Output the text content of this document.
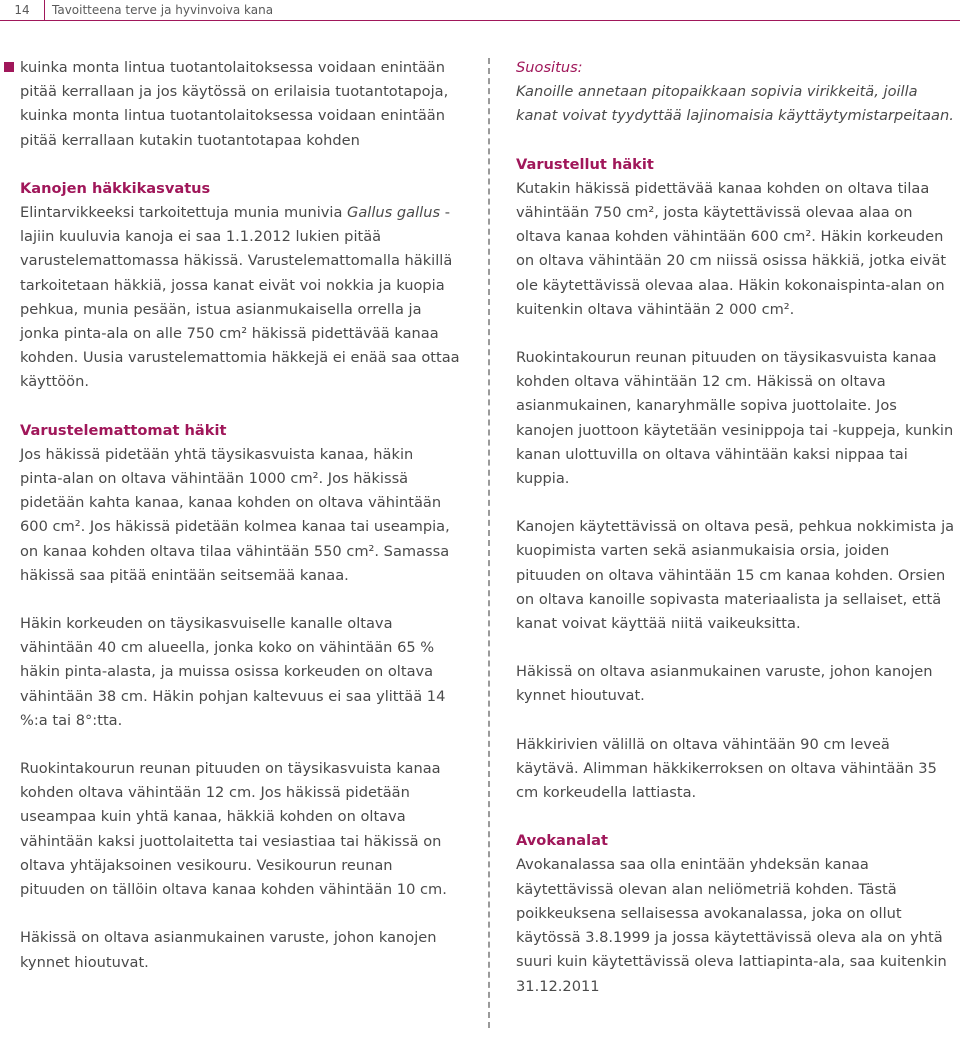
14	Tavoitteena terve ja hyvinvoiva kana

kuinka monta lintua tuotantolaitoksessa voidaan enintään pitää kerrallaan ja jos käytössä on erilaisia tuotantotapoja, kuinka monta lintua tuotantolaitoksessa voidaan enintään pitää kerrallaan kutakin tuotantotapaa kohden

Kanojen häkkikasvatus

Elintarvikkeeksi tarkoitettuja munia munivia Gallus gallus -lajiin kuuluvia kanoja ei saa 1.1.2012 lukien pitää varustelemattomassa häkissä. Varustelemattomalla häkillä tarkoitetaan häkkiä, jossa kanat eivät voi nokkia ja kuopia pehkua, munia pesään, istua asianmukaisella orrella ja jonka pinta-ala on alle 750 cm² häkissä pidettävää kanaa kohden. Uusia varustelemattomia häkkejä ei enää saa ottaa käyttöön.

Varustelemattomat häkit

Jos häkissä pidetään yhtä täysikasvuista kanaa, häkin pinta-alan on oltava vähintään 1000 cm². Jos häkissä pidetään kahta kanaa, kanaa kohden on oltava vähintään 600 cm². Jos häkissä pidetään kolmea kanaa tai useampia, on kanaa kohden oltava tilaa vähintään 550 cm². Samassa häkissä saa pitää enintään seitsemää kanaa.

Häkin korkeuden on täysikasvuiselle kanalle oltava vähintään 40 cm alueella, jonka koko on vähintään 65 % häkin pinta-alasta, ja muissa osissa korkeuden on oltava vähintään 38 cm. Häkin pohjan kaltevuus ei saa ylittää 14 %:a tai 8°:tta.

Ruokintakourun reunan pituuden on täysikasvuista kanaa kohden oltava vähintään 12 cm. Jos häkissä pidetään useampaa kuin yhtä kanaa, häkkiä kohden on oltava vähintään kaksi juottolaitetta tai vesiastiaa tai häkissä on oltava yhtäjaksoinen vesikouru. Vesikourun reunan pituuden on tällöin oltava kanaa kohden vähintään 10 cm.

Häkissä on oltava asianmukainen varuste, johon kanojen kynnet hioutuvat.

Suositus:

Kanoille annetaan pitopaikkaan sopivia virikkeitä, joilla kanat voivat tyydyttää lajinomaisia käyttäytymistarpeitaan.

Varustellut häkit

Kutakin häkissä pidettävää kanaa kohden on oltava tilaa vähintään 750 cm², josta käytettävissä olevaa alaa on oltava kanaa kohden vähintään 600 cm². Häkin korkeuden on oltava vähintään 20 cm niissä osissa häkkiä, jotka eivät ole käytettävissä olevaa alaa. Häkin kokonaispinta-alan on kuitenkin oltava vähintään 2 000 cm².

Ruokintakourun reunan pituuden on täysikasvuista kanaa kohden oltava vähintään 12 cm. Häkissä on oltava asianmukainen, kanaryhmälle sopiva juottolaite. Jos kanojen juottoon käytetään vesinippoja tai -kuppeja, kunkin kanan ulottuvilla on oltava vähintään kaksi nippaa tai kuppia.

Kanojen käytettävissä on oltava pesä, pehkua nokkimista ja kuopimista varten sekä asianmukaisia orsia, joiden pituuden on oltava vähintään 15 cm kanaa kohden. Orsien on oltava kanoille sopivasta materiaalista ja sellaiset, että kanat voivat käyttää niitä vaikeuksitta.

Häkissä on oltava asianmukainen varuste, johon kanojen kynnet hioutuvat.

Häkkirivien välillä on oltava vähintään 90 cm leveä käytävä. Alimman häkkikerroksen on oltava vähintään 35 cm korkeudella lattiasta.

Avokanalat

Avokanalassa saa olla enintään yhdeksän kanaa käytettävissä olevan alan neliömetriä kohden. Tästä poikkeuksena sellaisessa avokanalassa, joka on ollut käytössä 3.8.1999 ja jossa käytettävissä oleva ala on yhtä suuri kuin käytettävissä oleva lattiapinta-ala, saa kuitenkin 31.12.2011
